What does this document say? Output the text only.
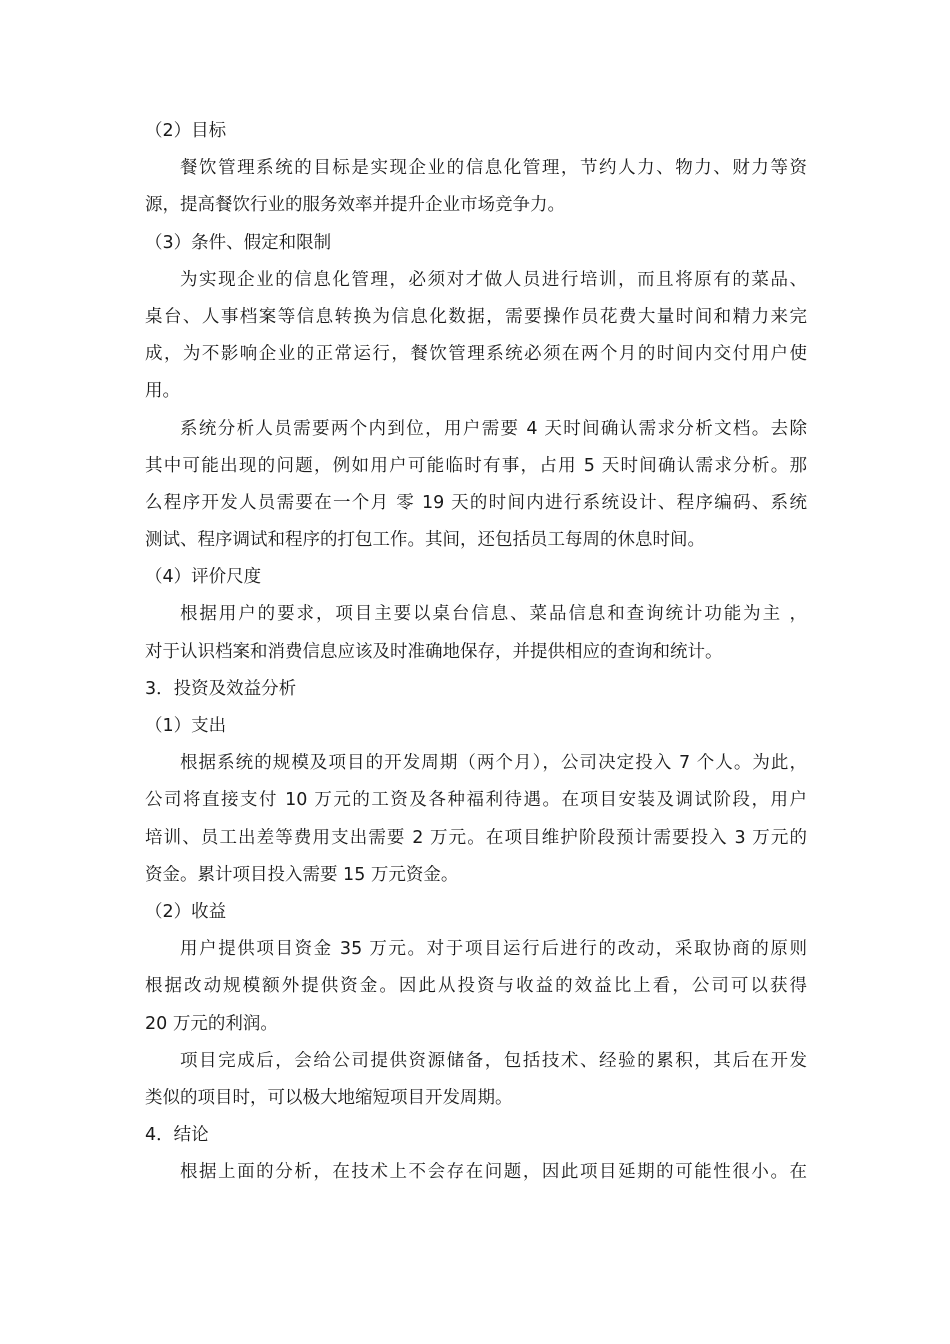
（2）目标
餐饮管理系统的目标是实现企业的信息化管理，节约人力、物力、财力等资
源，提高餐饮行业的服务效率并提升企业市场竞争力。
（3）条件、假定和限制
为实现企业的信息化管理，必须对才做人员进行培训，而且将原有的菜品、
桌台、人事档案等信息转换为信息化数据，需要操作员花费大量时间和精力来完
成，为不影响企业的正常运行，餐饮管理系统必须在两个月的时间内交付用户使
用。
系统分析人员需要两个内到位，用户需要 4 天时间确认需求分析文档。去除
其中可能出现的问题，例如用户可能临时有事，占用 5 天时间确认需求分析。那
么程序开发人员需要在一个月 零 19 天的时间内进行系统设计、程序编码、系统
测试、程序调试和程序的打包工作。其间，还包括员工每周的休息时间。
（4）评价尺度
根据用户的要求，项目主要以桌台信息、菜品信息和查询统计功能为主 ，
对于认识档案和消费信息应该及时准确地保存，并提供相应的查询和统计。
3．投资及效益分析
（1）支出
根据系统的规模及项目的开发周期（两个月），公司决定投入 7 个人。为此，
公司将直接支付 10 万元的工资及各种福利待遇。在项目安装及调试阶段，用户
培训、员工出差等费用支出需要 2 万元。在项目维护阶段预计需要投入 3 万元的
资金。累计项目投入需要 15 万元资金。
（2）收益
用户提供项目资金 35 万元。对于项目运行后进行的改动，采取协商的原则
根据改动规模额外提供资金。因此从投资与收益的效益比上看，公司可以获得
20 万元的利润。
项目完成后，会给公司提供资源储备，包括技术、经验的累积，其后在开发
类似的项目时，可以极大地缩短项目开发周期。
4．结论
根据上面的分析，在技术上不会存在问题，因此项目延期的可能性很小。在
